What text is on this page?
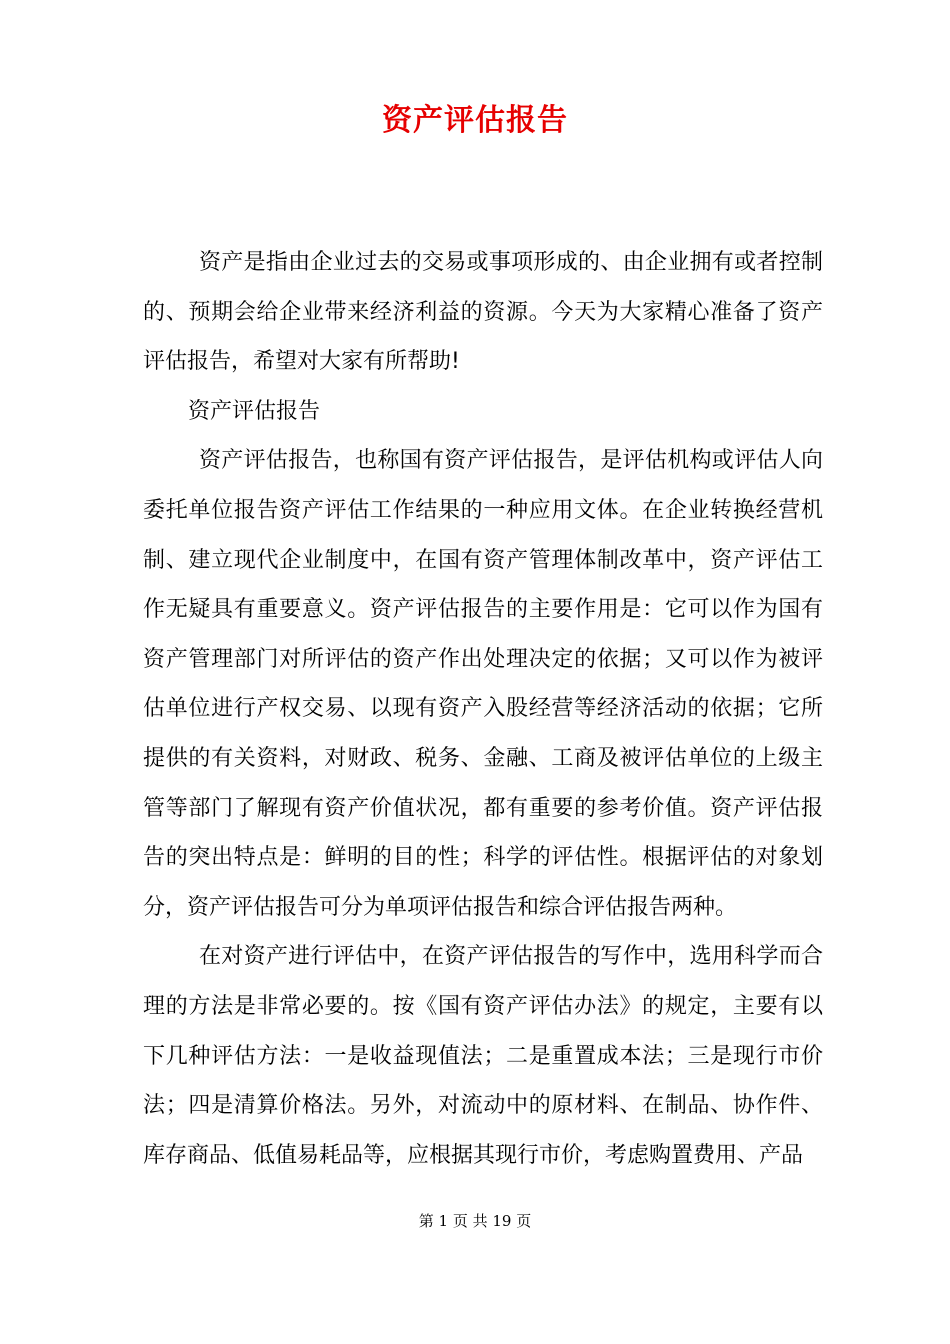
资产评估报告

资产是指由企业过去的交易或事项形成的、由企业拥有或者控制的、预期会给企业带来经济利益的资源。今天为大家精心准备了资产评估报告，希望对大家有所帮助!

资产评估报告

资产评估报告，也称国有资产评估报告，是评估机构或评估人向委托单位报告资产评估工作结果的一种应用文体。在企业转换经营机制、建立现代企业制度中，在国有资产管理体制改革中，资产评估工作无疑具有重要意义。资产评估报告的主要作用是：它可以作为国有资产管理部门对所评估的资产作出处理决定的依据；又可以作为被评估单位进行产权交易、以现有资产入股经营等经济活动的依据；它所提供的有关资料，对财政、税务、金融、工商及被评估单位的上级主管等部门了解现有资产价值状况，都有重要的参考价值。资产评估报告的突出特点是：鲜明的目的性；科学的评估性。根据评估的对象划分，资产评估报告可分为单项评估报告和综合评估报告两种。

在对资产进行评估中，在资产评估报告的写作中，选用科学而合理的方法是非常必要的。按《国有资产评估办法》的规定，主要有以下几种评估方法：一是收益现值法；二是重置成本法；三是现行市价法；四是清算价格法。另外，对流动中的原材料、在制品、协作件、库存商品、低值易耗品等，应根据其现行市价，考虑购置费用、产品

第 1 页 共 19 页
